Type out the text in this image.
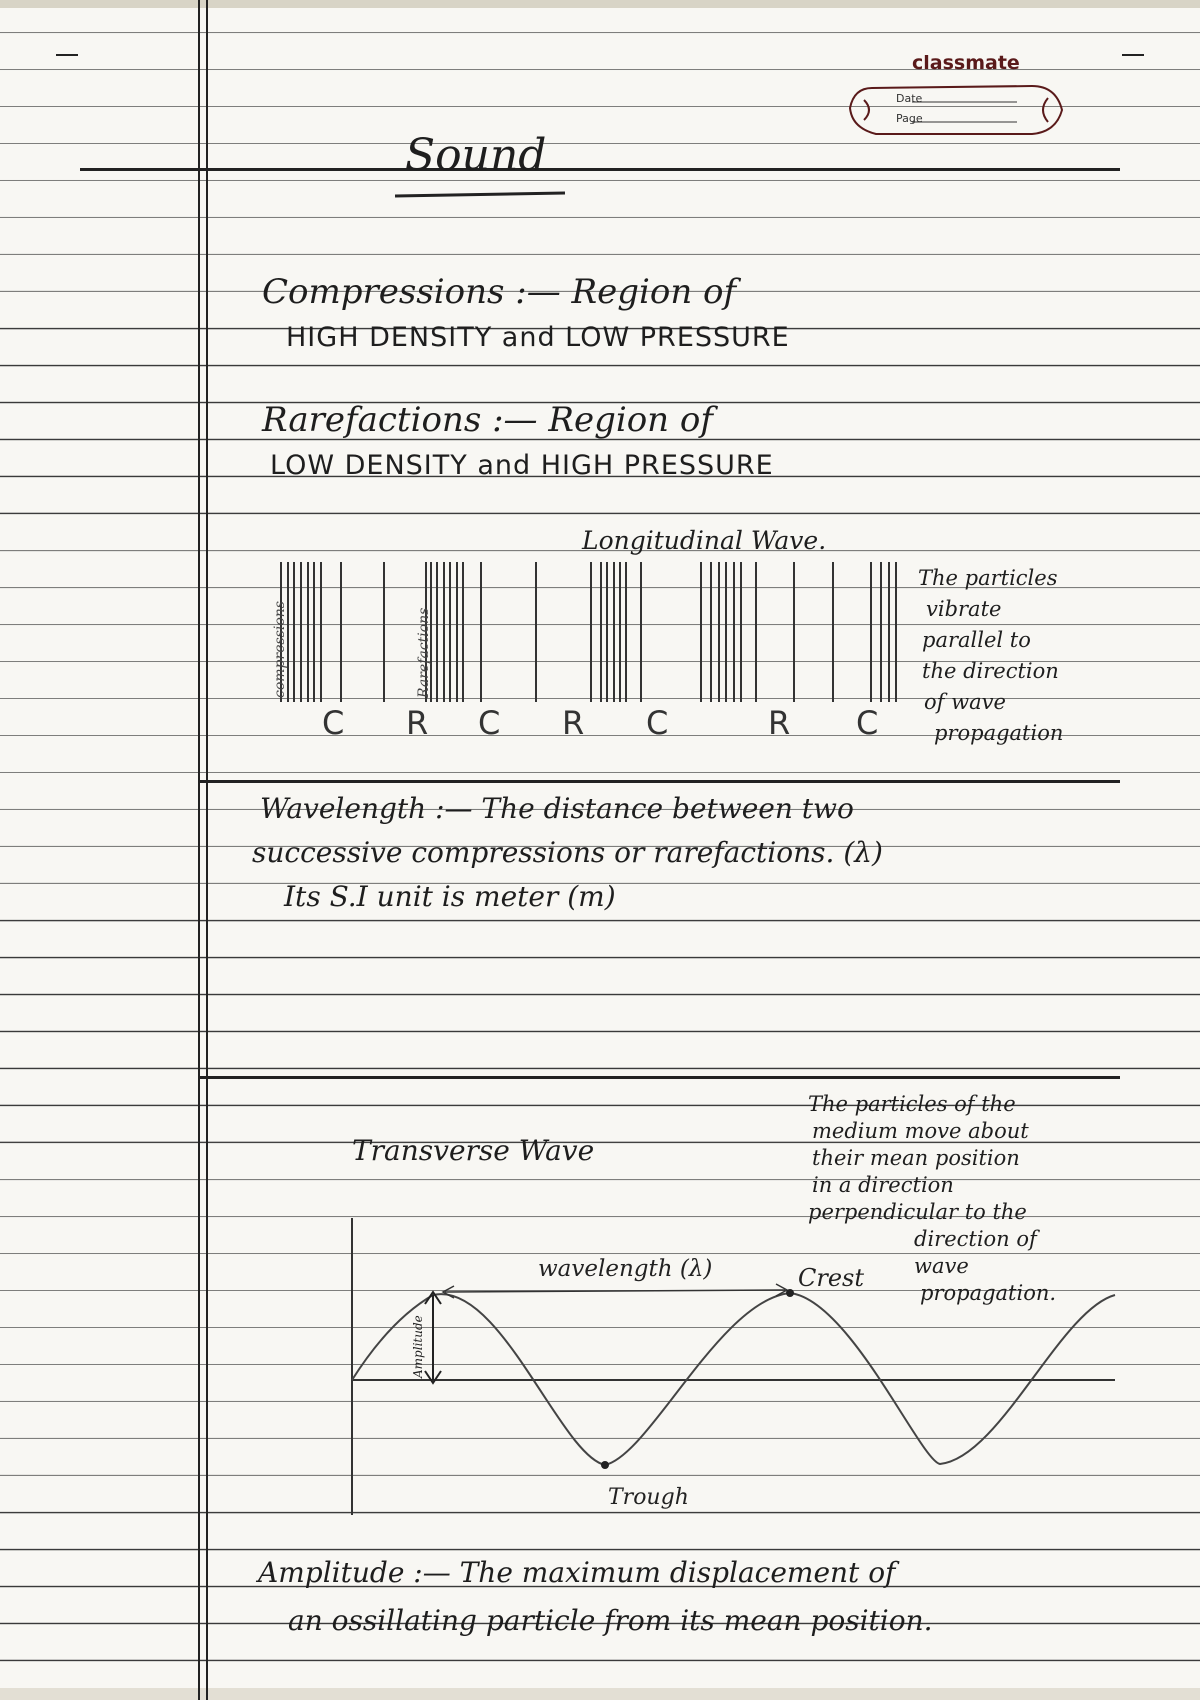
classmate
Date
Page
Sound
Compressions :— Region of
HIGH DENSITY and LOW PRESSURE
Rarefactions :— Region of
LOW DENSITY and HIGH PRESSURE
Longitudinal Wave.
compressions	Rarefactions
C R C R C	R C
The particles
vibrate
parallel to
the direction
of wave
propagation
Wavelength :— The distance between two
successive compressions or rarefactions. (λ)
Its S.I unit is meter (m)
Transverse Wave
The particles of the
medium move about
their mean position
in a direction
perpendicular to the
direction of
wave
propagation.
wavelength (λ)	Crest
Trough
Amplitude
Amplitude :— The maximum displacement of
an ossillating particle from its mean position.
